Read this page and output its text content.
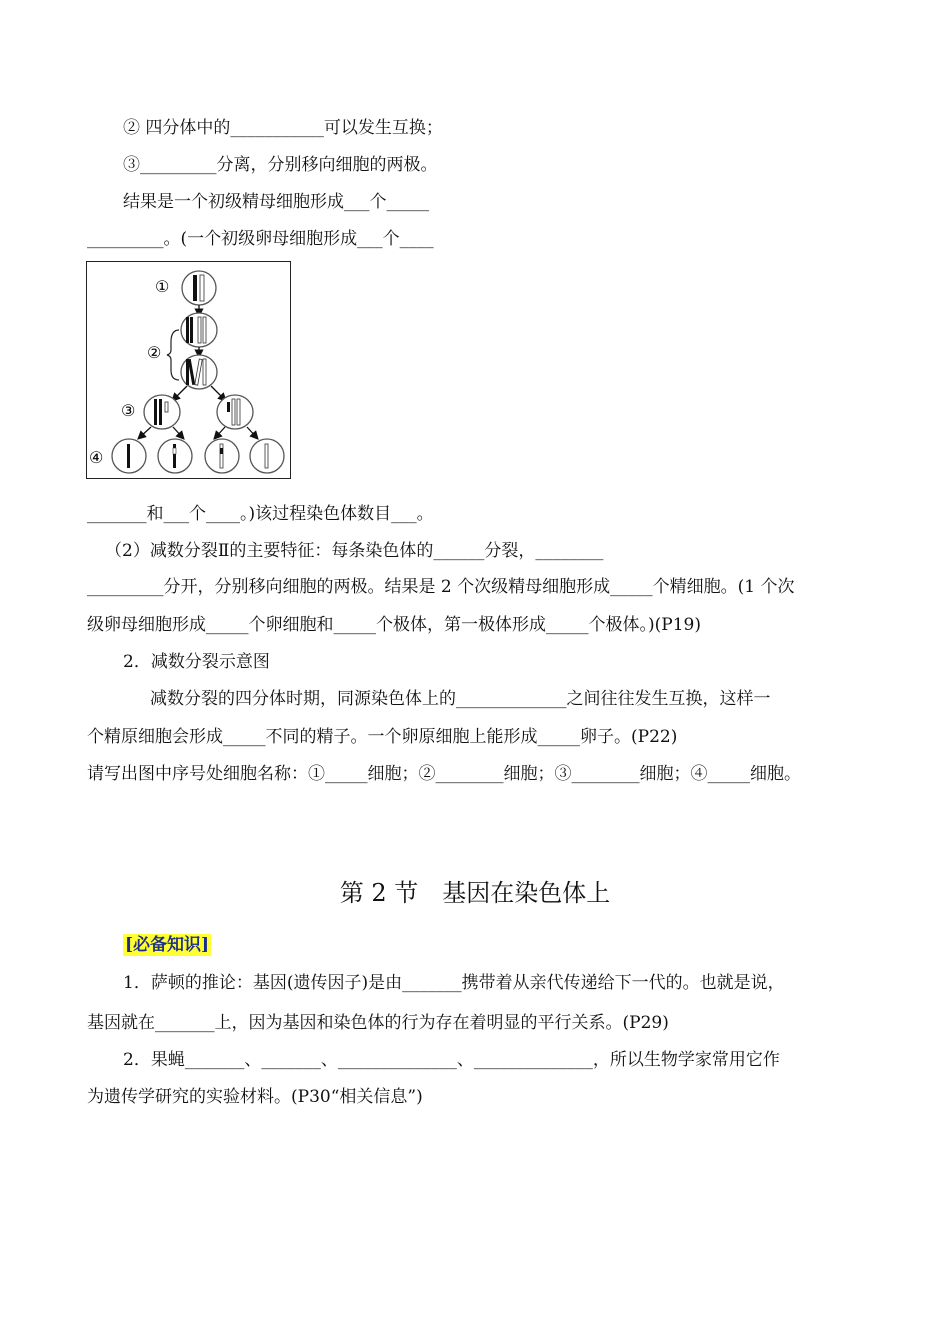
② 四分体中的___________可以发生互换；
③_________分离，分别移向细胞的两极。
结果是一个初级精母细胞形成___个_____
_________。(一个初级卵母细胞形成___个____
①
②
③
④
_______和___个____。)该过程染色体数目___。
（2）减数分裂Ⅱ的主要特征：每条染色体的______分裂，________
_________分开，分别移向细胞的两极。结果是 2 个次级精母细胞形成_____个精细胞。(1 个次
级卵母细胞形成_____个卵细胞和_____个极体，第一极体形成_____个极体。)(P19)
2．减数分裂示意图
减数分裂的四分体时期，同源染色体上的_____________之间往往发生互换，这样一
个精原细胞会形成_____不同的精子。一个卵原细胞上能形成_____卵子。(P22)
请写出图中序号处细胞名称：①_____细胞；②________细胞；③________细胞；④_____细胞。
第 2 节　基因在染色体上
[必备知识]
1．萨顿的推论：基因(遗传因子)是由_______携带着从亲代传递给下一代的。也就是说，
基因就在_______上，因为基因和染色体的行为存在着明显的平行关系。(P29)
2．果蝇_______、_______、______________、______________，所以生物学家常用它作
为遗传学研究的实验材料。(P30“相关信息”)
